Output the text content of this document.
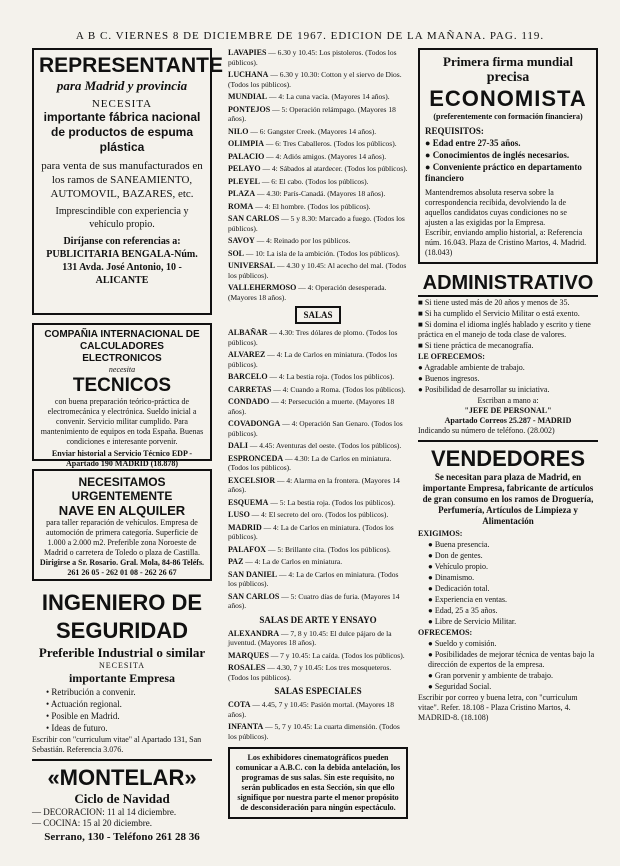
A B C. VIERNES 8 DE DICIEMBRE DE 1967. EDICION DE LA MAÑANA. PAG. 119.
REPRESENTANTE
para Madrid y provincia
NECESITA
importante fábrica nacional de productos de espuma plástica
para venta de sus manufacturados en los ramos de SANEAMIENTO, AUTOMOVIL, BAZARES, etc.
Imprescindible con experiencia y vehículo propio.
Diríjanse con referencias a: PUBLICITARIA BENGALA-Núm. 131 Avda. José Antonio, 10 - ALICANTE
COMPAÑIA INTERNACIONAL DE CALCULADORES ELECTRONICOS
necesita
TECNICOS
con buena preparación teórico-práctica de electromecánica y electrónica. Sueldo inicial a convenir. Servicio militar cumplido. Para mantenimiento de equipos en toda España. Buenas condiciones e interesante porvenir.
Enviar historial a Servicio Técnico EDP - Apartado 190 MADRID (18.878)
NECESITAMOS URGENTEMENTE
NAVE EN ALQUILER
para taller reparación de vehículos. Empresa de automoción de primera categoría. Superficie de 1.000 a 2.000 m2. Preferible zona Noroeste de Madrid o carretera de Toledo o plaza de Castilla.
Dirigirse a Sr. Rosario. Gral. Mola, 84-86 Teléfs. 261 26 05 - 262 01 08 - 262 26 67
INGENIERO DE SEGURIDAD
Preferible Industrial o similar
NECESITA
importante Empresa
• Retribución a convenir.
• Actuación regional.
• Posible en Madrid.
• Ideas de futuro.
Escribir con "curriculum vitae" al Apartado 131, San Sebastián. Referencia 3.076.
«MONTELAR»
Ciclo de Navidad
— DECORACION: 11 al 14 diciembre.
— COCINA: 15 al 20 diciembre.
Serrano, 130 - Teléfono 261 28 36
LAVAPIES — 6.30 y 10.45: Los pistoleros. (Todos los públicos).
LUCHANA — 6.30 y 10.30: Cotton y el siervo de Dios. (Todos los públicos).
MUNDIAL — 4: La cuna vacía. (Mayores 14 años).
PONTEJOS — 5: Operación relámpago. (Mayores 18 años).
NILO — 6: Gangster Creek. (Mayores 14 años).
OLIMPIA — 6: Tres Caballeros. (Todos los públicos).
PALACIO — 4: Adiós amigos. (Mayores 14 años).
PELAYO — 4: Sábados al atardecer. (Todos los públicos).
PLEYEL — 6: El cabo. (Todos los públicos).
PLAZA — 4.30: París-Canadá. (Mayores 18 años).
ROMA — 4: El hombre. (Todos los públicos).
SAN CARLOS — 5 y 8.30: Marcado a fuego. (Todos los públicos).
SAVOY — 4: Reinado por los públicos.
SOL — 10: La isla de la ambición. (Todos los públicos).
UNIVERSAL — 4.30 y 10.45: Al acecho del mal. (Todos los públicos).
VALLEHERMOSO — 4: Operación desesperada. (Mayores 18 años).
SALAS
ALBAÑAR — 4.30: Tres dólares de plomo. (Todos los públicos).
ALVAREZ — 4: La de Carlos en miniatura. (Todos los públicos).
BARCELO — 4: La bestia roja. (Todos los públicos).
CARRETAS — 4: Cuando a Roma. (Todos los públicos).
CONDADO — 4: Persecución a muerte. (Mayores 18 años).
COVADONGA — 4: Operación San Genaro. (Todos los públicos).
DALI — 4.45: Aventuras del oeste. (Todos los públicos).
ESPRONCEDA — 4.30: La de Carlos en miniatura. (Todos los públicos).
EXCELSIOR — 4: Alarma en la frontera. (Mayores 14 años).
ESQUEMA — 5: La bestia roja. (Todos los públicos).
LUSO — 4: El secreto del oro. (Todos los públicos).
MADRID — 4: La de Carlos en miniatura. (Todos los públicos).
PALAFOX — 5: Brillante cita. (Todos los públicos).
PAZ — 4: La de Carlos en miniatura.
SAN DANIEL — 4: La de Carlos en miniatura. (Todos los públicos).
SAN CARLOS — 5: Cuatro días de furia. (Mayores 14 años).
SALAS DE ARTE Y ENSAYO
ALEXANDRA — 7, 8 y 10.45: El dulce pájaro de la juventud. (Mayores 18 años).
MARQUES — 7 y 10.45: La caída. (Todos los públicos).
ROSALES — 4.30, 7 y 10.45: Los tres mosqueteros. (Todos los públicos).
SALAS ESPECIALES
COTA — 4.45, 7 y 10.45: Pasión mortal. (Mayores 18 años).
INFANTA — 5, 7 y 10.45: La cuarta dimensión. (Todos los públicos).
Los exhibidores cinematográficos pueden comunicar a A.B.C. con la debida antelación, los programas de sus salas. Sin este requisito, no serán publicados en esta Sección, sin que ello signifique por nuestra parte el menor propósito de desconsideración para ningún espectáculo.
Primera firma mundial
precisa
ECONOMISTA
(preferentemente con formación financiera)
REQUISITOS:
● Edad entre 27-35 años.
● Conocimientos de inglés necesarios.
● Conveniente práctico en departamento financiero
Mantendremos absoluta reserva sobre la correspondencia recibida, devolviendo la de aquellos candidatos cuyas condiciones no se ajusten a las exigidas por la Empresa.
Escribir, enviando amplio historial, a: Referencia núm. 16.043. Plaza de Cristino Martos, 4. Madrid. (18.043)
ADMINISTRATIVO
■ Si tiene usted más de 20 años y menos de 35.
■ Si ha cumplido el Servicio Militar o está exento.
■ Si domina el idioma inglés hablado y escrito y tiene práctica en el manejo de toda clase de valores.
■ Si tiene práctica de mecanografía.
LE OFRECEMOS:
● Agradable ambiente de trabajo.
● Buenos ingresos.
● Posibilidad de desarrollar su iniciativa.
Escriban a mano a:
"JEFE DE PERSONAL"
Apartado Correos 25.287 - MADRID
Indicando su número de teléfono. (28.002)
VENDEDORES
Se necesitan para plaza de Madrid, en importante Empresa, fabricante de artículos de gran consumo en los ramos de Droguería, Perfumería, Artículos de Limpieza y Alimentación
EXIGIMOS:
● Buena presencia.
● Don de gentes.
● Vehículo propio.
● Dinamismo.
● Dedicación total.
● Experiencia en ventas.
● Edad, 25 a 35 años.
● Libre de Servicio Militar.
OFRECEMOS:
● Sueldo y comisión.
● Posibilidades de mejorar técnica de ventas bajo la dirección de expertos de la empresa.
● Gran porvenir y ambiente de trabajo.
● Seguridad Social.
Escribir por correo y buena letra, con "curriculum vitae". Refer. 18.108 - Plaza Cristino Martos, 4. MADRID-8. (18.108)
